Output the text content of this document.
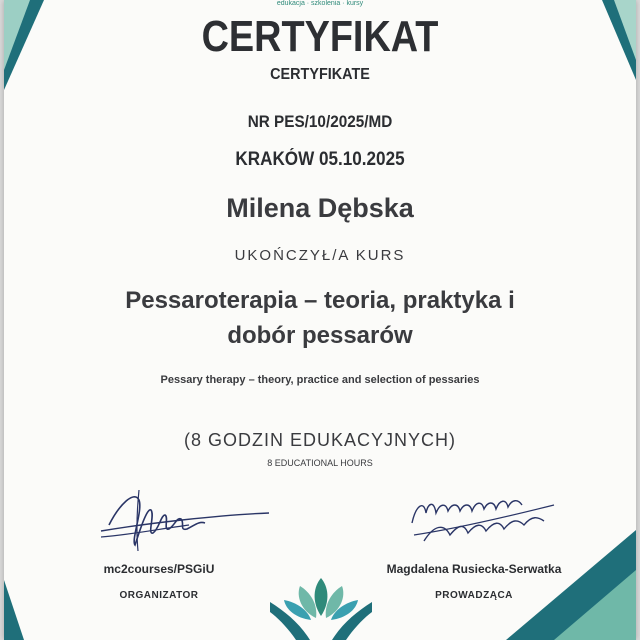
edukacja · szkolenia · kursy
CERTYFIKAT
CERTYFIKATE
NR PES/10/2025/MD
KRAKÓW 05.10.2025
Milena Dębska
UKOŃCZYŁ/A KURS
Pessaroterapia – teoria, praktyka i
dobór pessarów
Pessary therapy – theory, practice and selection of pessaries
(8 GODZIN EDUKACYJNYCH)
8 EDUCATIONAL HOURS
mc2courses/PSGiU
ORGANIZATOR
Magdalena Rusiecka-Serwatka
PROWADZĄCA
